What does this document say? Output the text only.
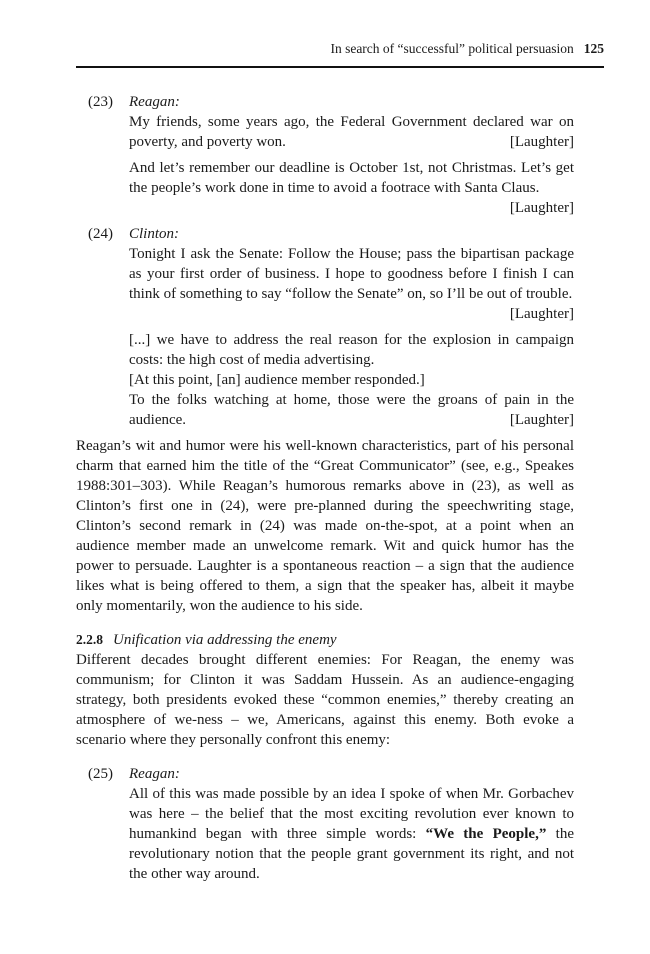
In search of “successful” political persuasion 125
(23) Reagan:

My friends, some years ago, the Federal Government declared war on poverty, and poverty won.	[Laughter]

And let’s remember our deadline is October 1st, not Christmas. Let’s get the people’s work done in time to avoid a footrace with Santa Claus.
[Laughter]

(24) Clinton:

Tonight I ask the Senate: Follow the House; pass the bipartisan package as your first order of business. I hope to goodness before I finish I can think of something to say “follow the Senate” on, so I’ll be out of trouble.
[Laughter]

[...] we have to address the real reason for the explosion in campaign costs: the high cost of media advertising.

[At this point, [an] audience member responded.]

To the folks watching at home, those were the groans of pain in the audience.	[Laughter]

Reagan’s wit and humor were his well-known characteristics, part of his personal charm that earned him the title of the “Great Communicator” (see, e.g., Speakes 1988:301–303). While Reagan’s humorous remarks above in (23), as well as Clinton’s first one in (24), were pre-planned during the speechwriting stage, Clinton’s second remark in (24) was made on-the-spot, at a point when an audience member made an unwelcome remark. Wit and quick humor has the power to persuade. Laughter is a spontaneous reaction – a sign that the audience likes what is being offered to them, a sign that the speaker has, albeit it maybe only momentarily, won the audience to his side.

2.2.8 Unification via addressing the enemy

Different decades brought different enemies: For Reagan, the enemy was communism; for Clinton it was Saddam Hussein. As an audience-engaging strategy, both presidents evoked these “common enemies,” thereby creating an atmosphere of we-ness – we, Americans, against this enemy. Both evoke a scenario where they personally confront this enemy:

(25) Reagan:

All of this was made possible by an idea I spoke of when Mr. Gorbachev was here – the belief that the most exciting revolution ever known to humankind began with three simple words: “We the People,” the revolutionary notion that the people grant government its right, and not the other way around.
